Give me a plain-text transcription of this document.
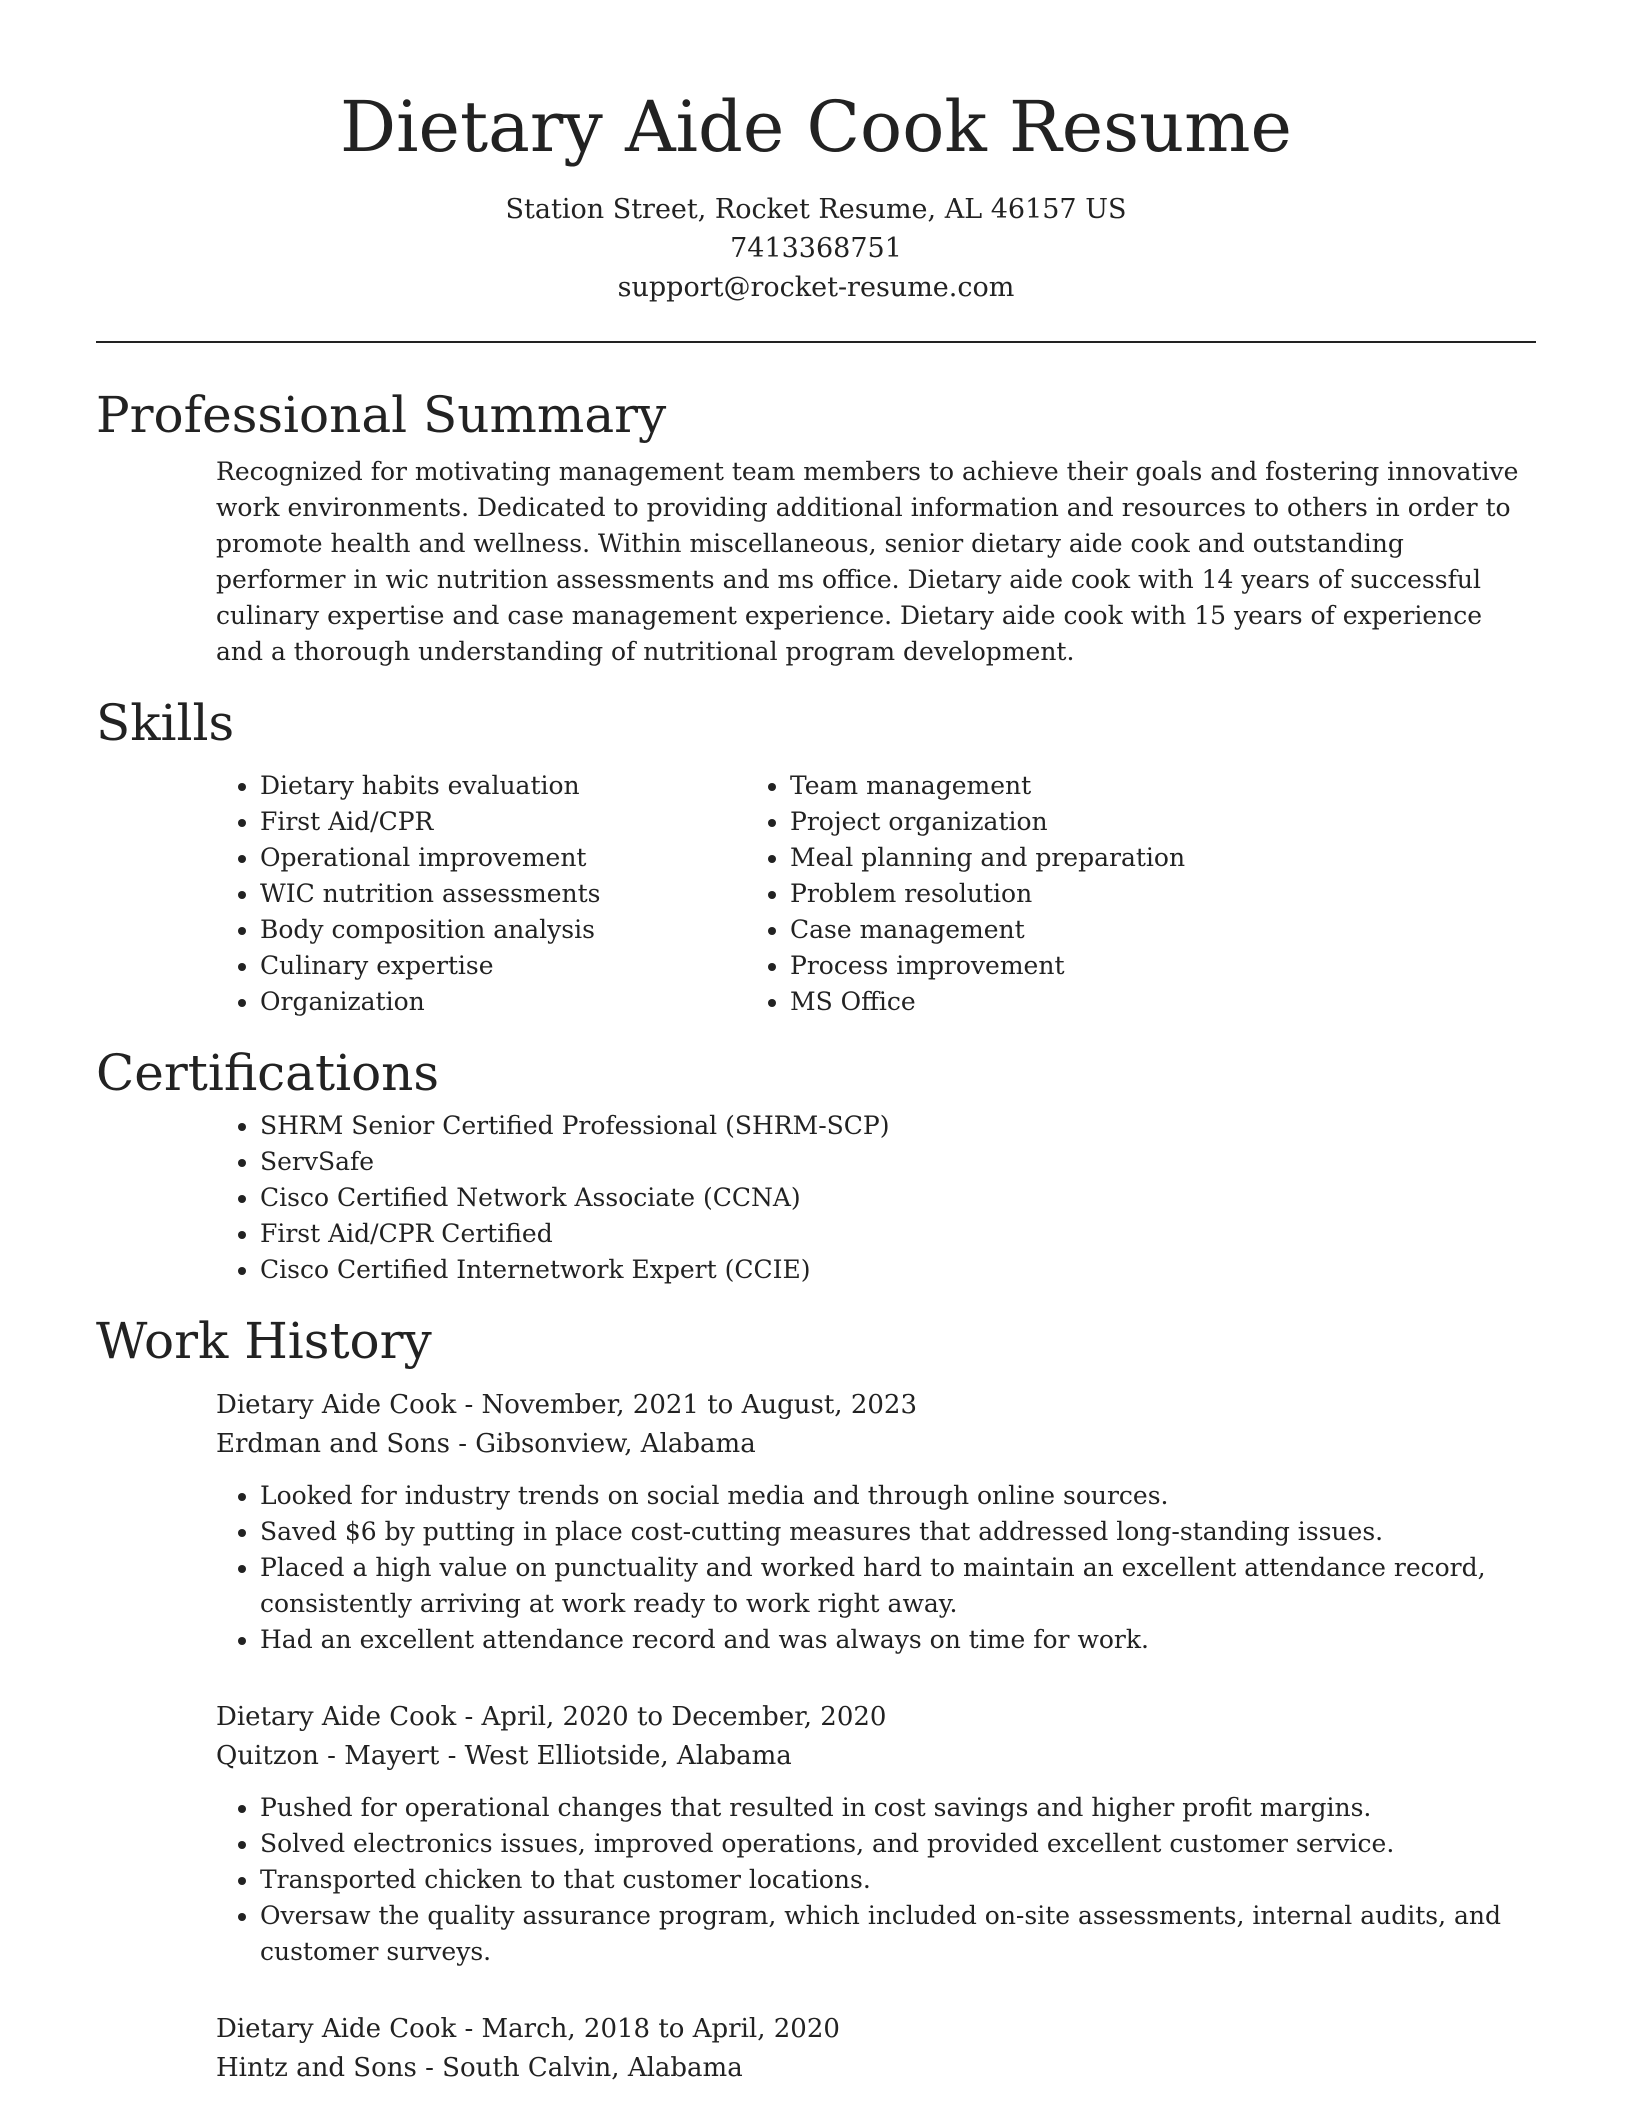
Dietary Aide Cook Resume
Station Street, Rocket Resume, AL 46157 US
7413368751
support@rocket-resume.com
Professional Summary

Recognized for motivating management team members to achieve their goals and fostering innovative work environments. Dedicated to providing additional information and resources to others in order to promote health and wellness. Within miscellaneous, senior dietary aide cook and outstanding performer in wic nutrition assessments and ms office. Dietary aide cook with 14 years of successful culinary expertise and case management experience. Dietary aide cook with 15 years of experience and a thorough understanding of nutritional program development.

Skills
• Dietary habits evaluation
• First Aid/CPR
• Operational improvement
• WIC nutrition assessments
• Body composition analysis
• Culinary expertise
• Organization
• Team management
• Project organization
• Meal planning and preparation
• Problem resolution
• Case management
• Process improvement
• MS Office
Certifications
• SHRM Senior Certified Professional (SHRM-SCP)
• ServSafe
• Cisco Certified Network Associate (CCNA)
• First Aid/CPR Certified
• Cisco Certified Internetwork Expert (CCIE)
Work History
Dietary Aide Cook - November, 2021 to August, 2023
Erdman and Sons - Gibsonview, Alabama
• Looked for industry trends on social media and through online sources.
• Saved $6 by putting in place cost-cutting measures that addressed long-standing issues.
• Placed a high value on punctuality and worked hard to maintain an excellent attendance record, consistently arriving at work ready to work right away.
• Had an excellent attendance record and was always on time for work.
Dietary Aide Cook - April, 2020 to December, 2020
Quitzon - Mayert - West Elliotside, Alabama
• Pushed for operational changes that resulted in cost savings and higher profit margins.
• Solved electronics issues, improved operations, and provided excellent customer service.
• Transported chicken to that customer locations.
• Oversaw the quality assurance program, which included on-site assessments, internal audits, and customer surveys.
Dietary Aide Cook - March, 2018 to April, 2020
Hintz and Sons - South Calvin, Alabama
